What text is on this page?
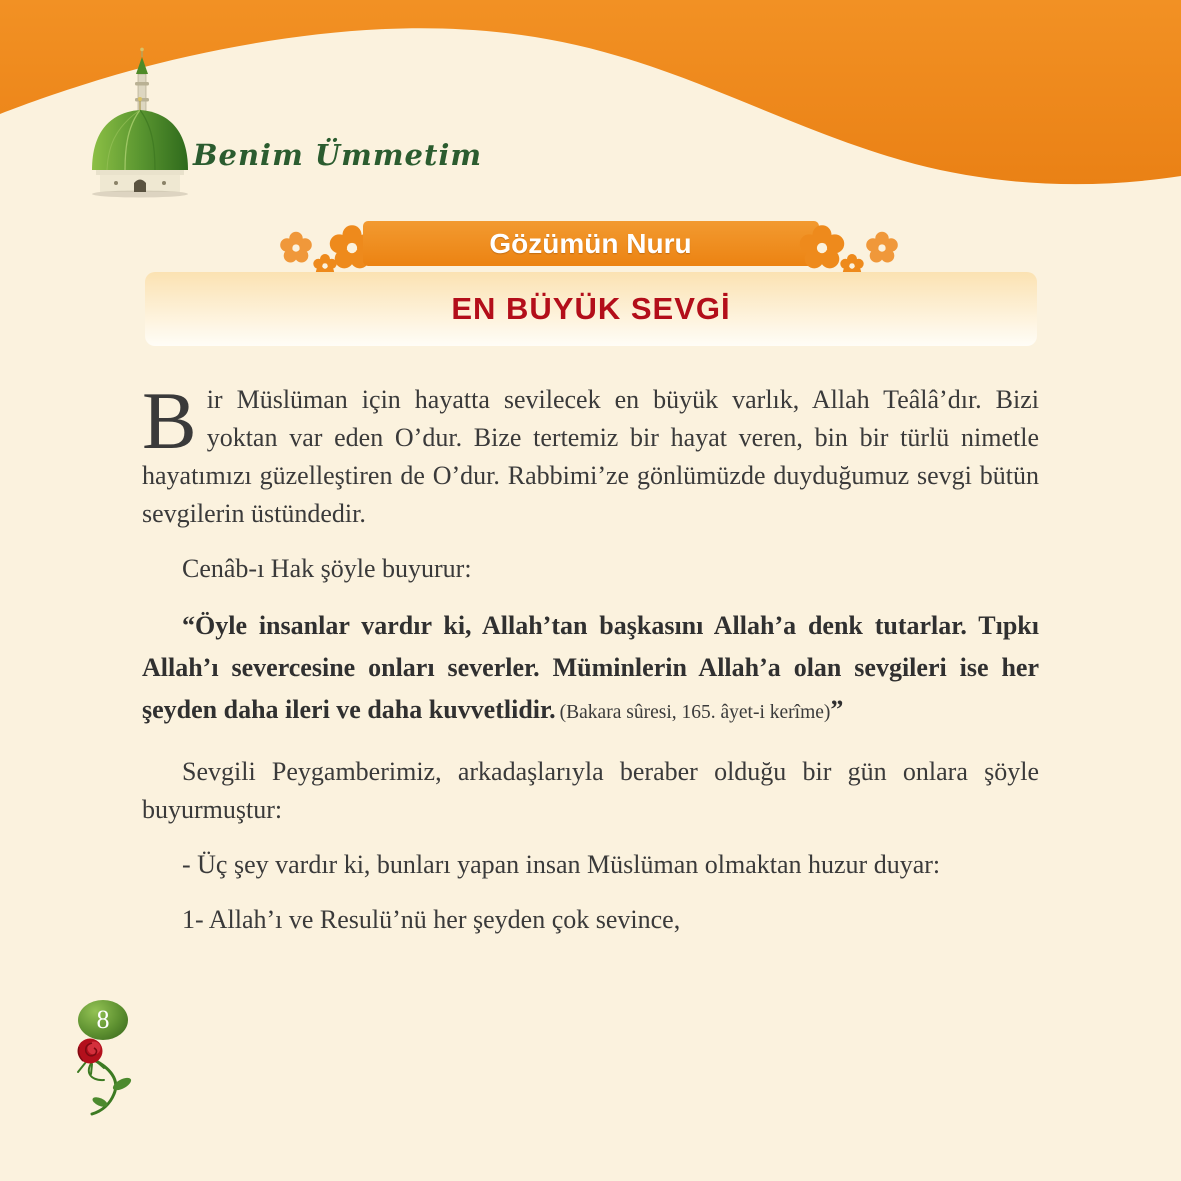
Benim Ümmetim
Gözümün Nuru
EN BÜYÜK SEVGİ

Bir Müslüman için hayatta sevilecek en büyük varlık, Allah Teâlâ’dır. Bizi yoktan var eden O’dur. Bize tertemiz bir hayat veren, bin bir türlü nimetle hayatımızı güzelleştiren de O’dur. Rabbimi’ze gönlümüzde duyduğumuz sevgi bütün sevgilerin üstündedir.

Cenâb-ı Hak şöyle buyurur:

“Öyle insanlar vardır ki, Allah’tan başkasını Allah’a denk tutarlar. Tıpkı Allah’ı severcesine onları severler. Müminlerin Allah’a olan sevgileri ise her şeyden daha ileri ve daha kuvvetlidir. (Bakara sûresi, 165. âyet-i kerîme)”

Sevgili Peygamberimiz, arkadaşlarıyla beraber olduğu bir gün onlara şöyle buyurmuştur:

- Üç şey vardır ki, bunları yapan insan Müslüman olmaktan huzur duyar:

1- Allah’ı ve Resulü’nü her şeyden çok sevince,

8
